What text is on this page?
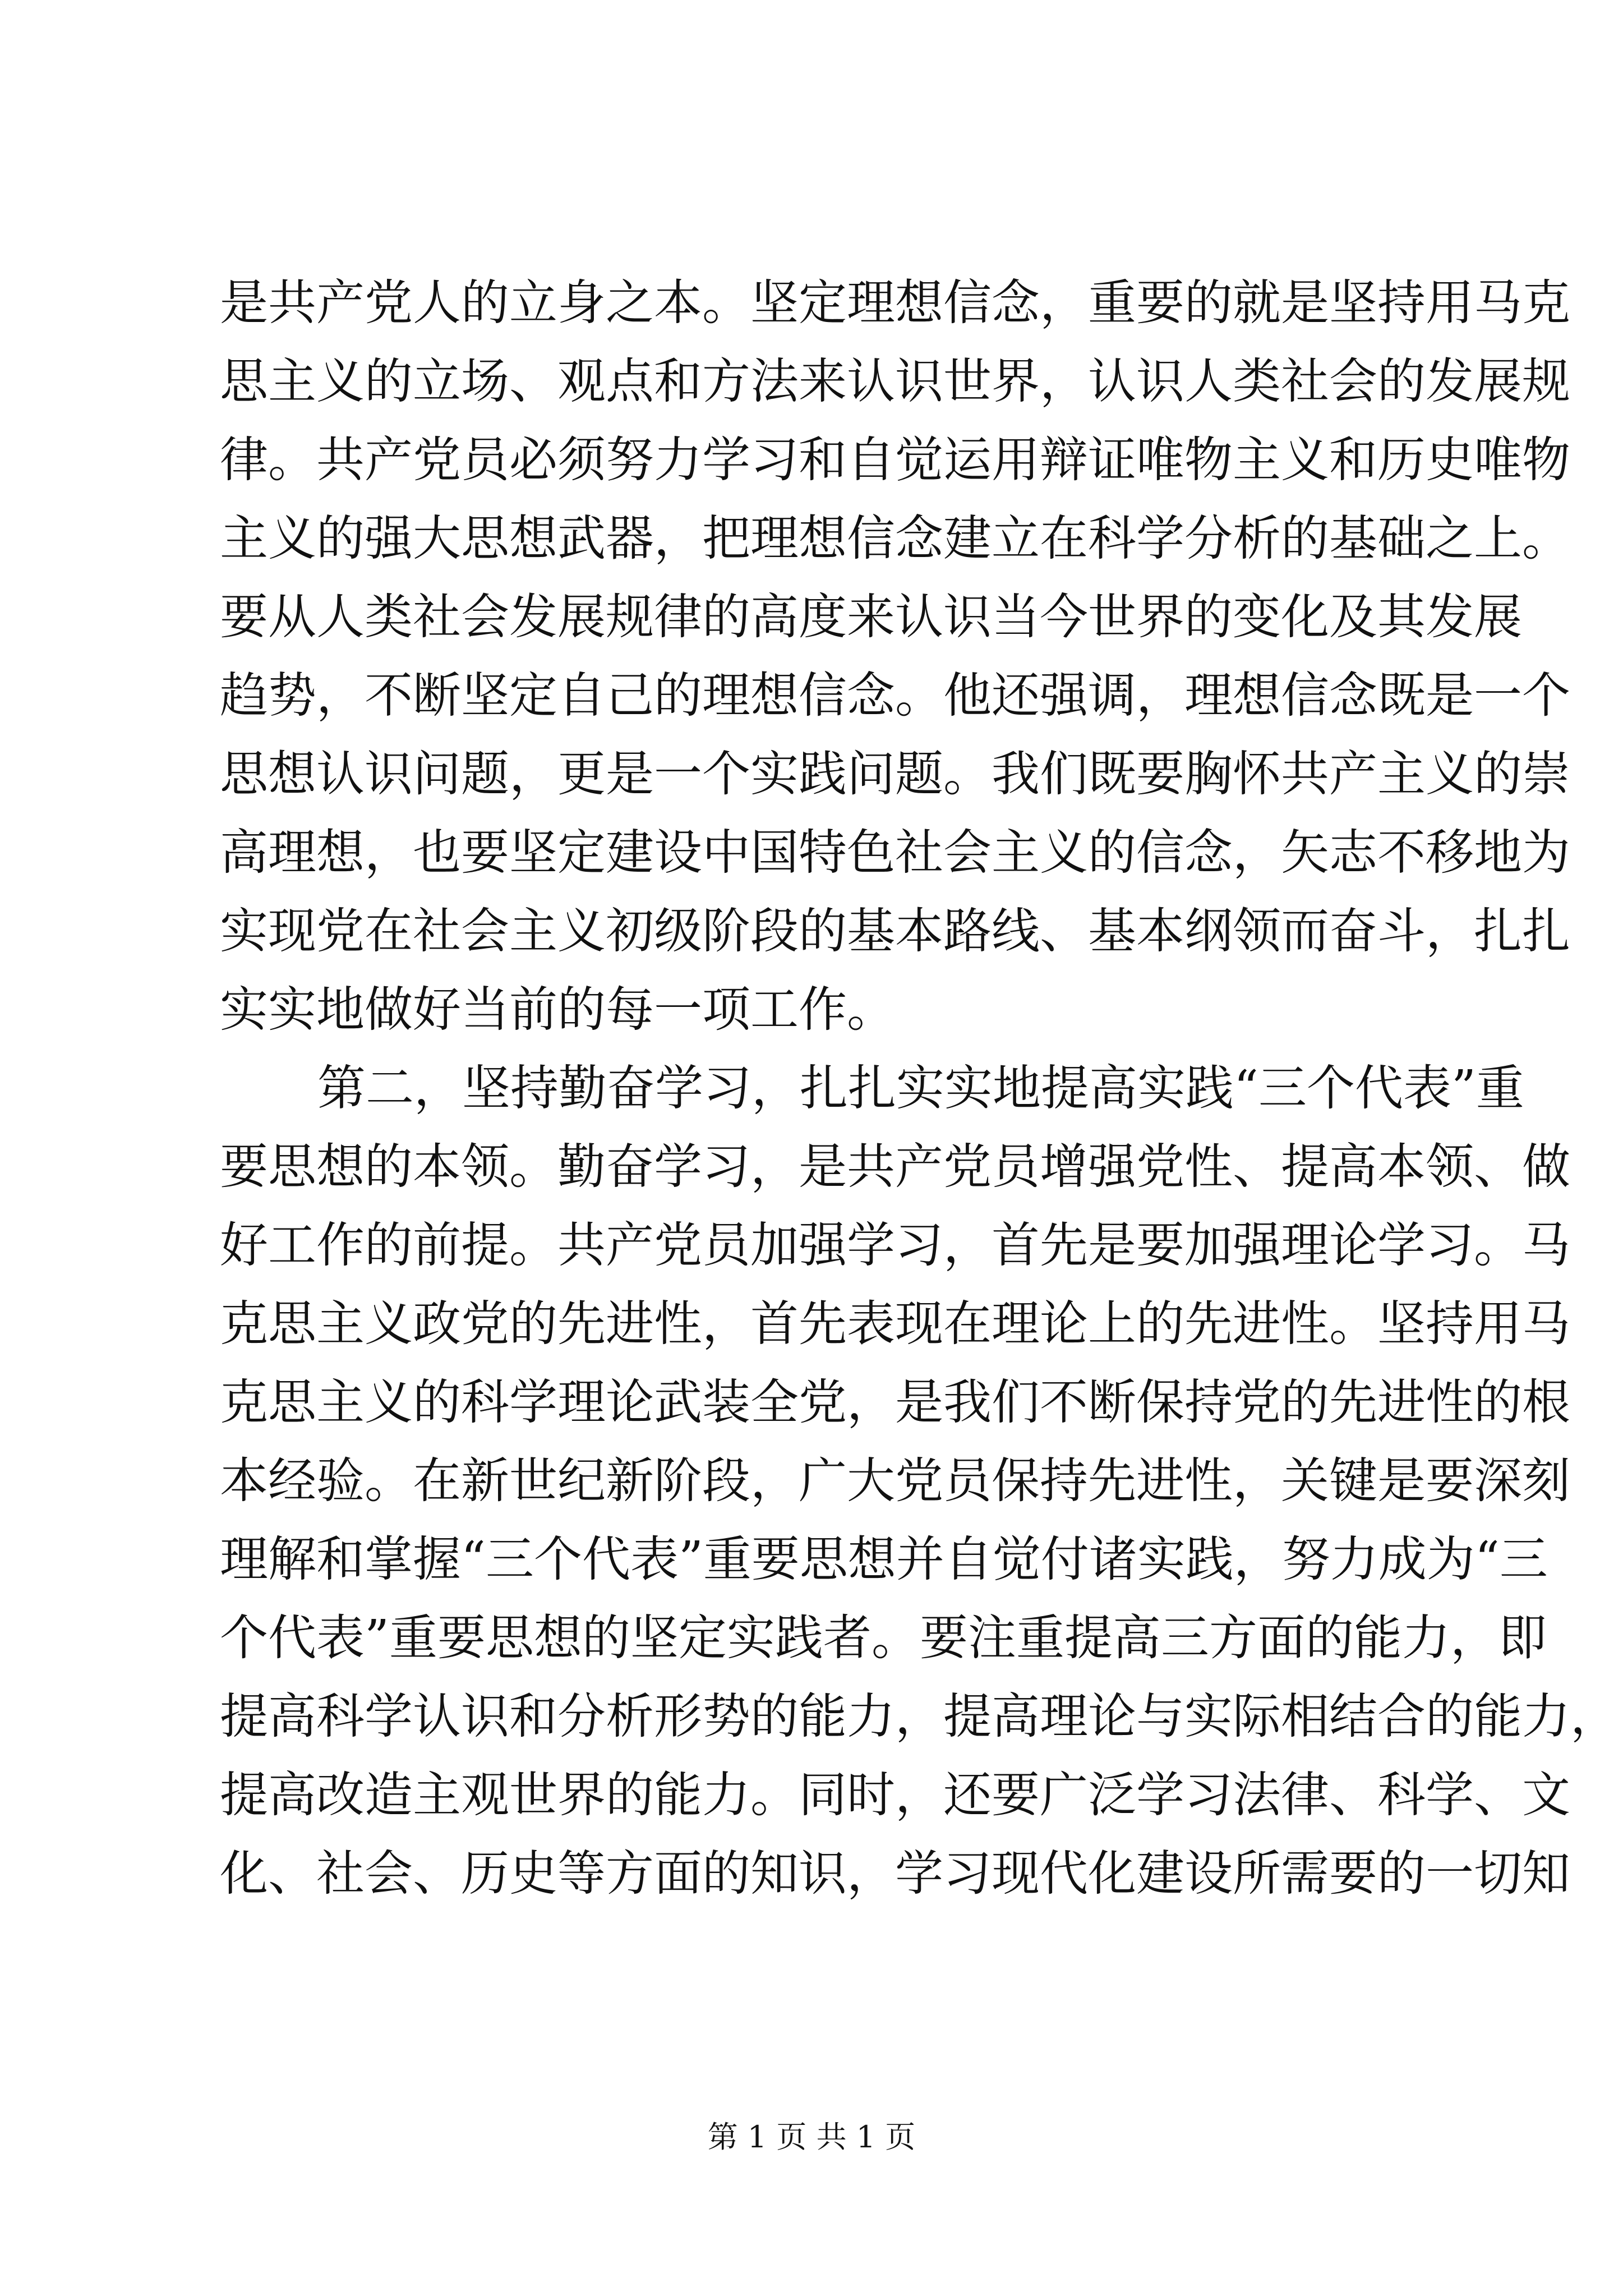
是共产党人的立身之本。坚定理想信念，重要的就是坚持用马克
思主义的立场、观点和方法来认识世界，认识人类社会的发展规
律。共产党员必须努力学习和自觉运用辩证唯物主义和历史唯物
主义的强大思想武器，把理想信念建立在科学分析的基础之上。
要从人类社会发展规律的高度来认识当今世界的变化及其发展
趋势，不断坚定自己的理想信念。他还强调，理想信念既是一个
思想认识问题，更是一个实践问题。我们既要胸怀共产主义的崇
高理想，也要坚定建设中国特色社会主义的信念，矢志不移地为
实现党在社会主义初级阶段的基本路线、基本纲领而奋斗，扎扎
实实地做好当前的每一项工作。
第二，坚持勤奋学习，扎扎实实地提高实践“三个代表”重
要思想的本领。勤奋学习，是共产党员增强党性、提高本领、做
好工作的前提。共产党员加强学习，首先是要加强理论学习。马
克思主义政党的先进性，首先表现在理论上的先进性。坚持用马
克思主义的科学理论武装全党，是我们不断保持党的先进性的根
本经验。在新世纪新阶段，广大党员保持先进性，关键是要深刻
理解和掌握“三个代表”重要思想并自觉付诸实践，努力成为“三
个代表”重要思想的坚定实践者。要注重提高三方面的能力，即
提高科学认识和分析形势的能力，提高理论与实际相结合的能力，
提高改造主观世界的能力。同时，还要广泛学习法律、科学、文
化、社会、历史等方面的知识，学习现代化建设所需要的一切知
第 1 页 共 1 页
